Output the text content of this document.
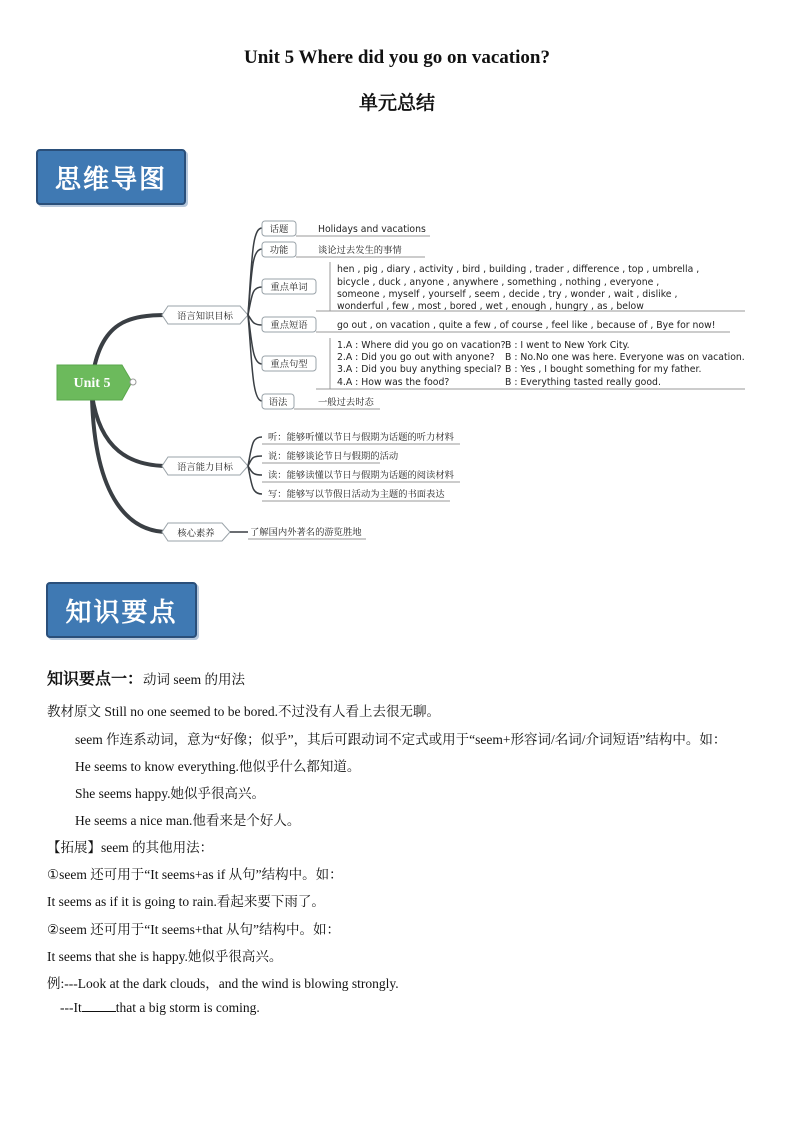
Unit 5 Where did you go on vacation?
单元总结
思维导图
Unit 5
语言知识目标
语言能力目标
核心素养
话题	Holidays and vacations
功能	谈论过去发生的事情
重点单词
hen , pig , diary , activity , bird , building , trader , difference , top , umbrella ,
bicycle , duck , anyone , anywhere , something , nothing , everyone ,
someone , myself , yourself , seem , decide , try , wonder , wait , dislike ,
wonderful , few , most , bored , wet , enough , hungry , as , below
重点短语	go out , on vacation , quite a few , of course , feel like , because of , Bye for now!
重点句型
1.A : Where did you go on vacation? B : I went to New York City.
2.A : Did you go out with anyone? B : No.No one was here. Everyone was on vacation.
3.A : Did you buy anything special? B : Yes , I bought something for my father.
4.A : How was the food?	B : Everything tasted really good.
语法	一般过去时态
听：能够听懂以节日与假期为话题的听力材料
说：能够谈论节日与假期的活动
读：能够读懂以节日与假期为话题的阅读材料
写：能够写以节假日活动为主题的书面表达
了解国内外著名的游览胜地
知识要点
知识要点一：动词 seem 的用法
教材原文 Still no one seemed to be bored.不过没有人看上去很无聊。
seem 作连系动词，意为“好像；似乎”，其后可跟动词不定式或用于“seem+形容词/名词/介词短语”结构中。如：
He seems to know everything.他似乎什么都知道。
She seems happy.她似乎很高兴。
He seems a nice man.他看来是个好人。
【拓展】seem 的其他用法：
①seem 还可用于“It seems+as if 从句”结构中。如：
It seems as if it is going to rain.看起来要下雨了。
②seem 还可用于“It seems+that 从句”结构中。如：
It seems that she is happy.她似乎很高兴。
例:---Look at the dark clouds，and the wind is blowing strongly.
---It	that a big storm is coming.
